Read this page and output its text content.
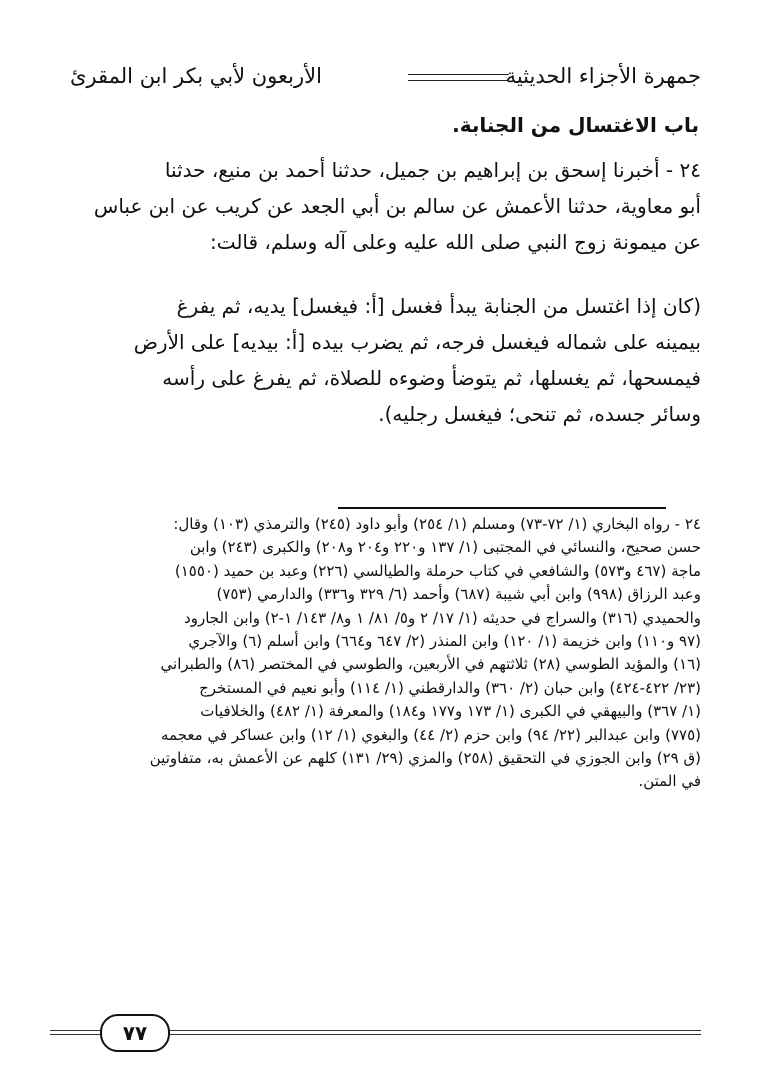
جمهرة الأجزاء الحديثية
الأربعون لأبي بكر ابن المقرئ
باب الاغتسال من الجنابة.
٢٤ - أخبرنا إسحق بن إبراهيم بن جميل، حدثنا أحمد بن منيع، حدثنا
أبو معاوية، حدثنا الأعمش عن سالم بن أبي الجعد عن كريب عن ابن عباس
عن ميمونة زوج النبي صلى الله عليه وعلى آله وسلم، قالت:
(كان إذا اغتسل من الجنابة يبدأ فغسل [أ: فيغسل] يديه، ثم يفرغ
بيمينه على شماله فيغسل فرجه، ثم يضرب بيده [أ: بيديه] على الأرض
فيمسحها، ثم يغسلها، ثم يتوضأ وضوءه للصلاة، ثم يفرغ على رأسه
وسائر جسده، ثم تنحى؛ فيغسل رجليه).
٢٤ - رواه البخاري (١/ ٧٢-٧٣) ومسلم (١/ ٢٥٤) وأبو داود (٢٤٥) والترمذي (١٠٣) وقال:
حسن صحيح، والنسائي في المجتبى (١/ ١٣٧ و٢٢٠ و٢٠٤ و٢٠٨) والكبرى (٢٤٣) وابن
ماجة (٤٦٧ و٥٧٣) والشافعي في كتاب حرملة والطيالسي (٢٢٦) وعبد بن حميد (١٥٥٠)
وعبد الرزاق (٩٩٨) وابن أبي شيبة (٦٨٧) وأحمد (٦/ ٣٢٩ و٣٣٦) والدارمي (٧٥٣)
والحميدي (٣١٦) والسراج في حديثه (١/ ١٧/ ٢ و٥/ ٨١/ ١ و٨/ ١٤٣/ ١-٢) وابن الجارود
(٩٧ و١١٠) وابن خزيمة (١/ ١٢٠) وابن المنذر (٢/ ٦٤٧ و٦٦٤) وابن أسلم (٦) والآجري
(١٦) والمؤيد الطوسي (٢٨) ثلاثتهم في الأربعين، والطوسي في المختصر (٨٦) والطبراني
(٢٣/ ٤٢٢-٤٢٤) وابن حبان (٢/ ٣٦٠) والدارقطني (١/ ١١٤) وأبو نعيم في المستخرج
(١/ ٣٦٧) والبيهقي في الكبرى (١/ ١٧٣ و١٧٧ و١٨٤) والمعرفة (١/ ٤٨٢) والخلافيات
(٧٧٥) وابن عبدالبر (٢٢/ ٩٤) وابن حزم (٢/ ٤٤) والبغوي (١/ ١٢) وابن عساكر في معجمه
(ق ٢٩) وابن الجوزي في التحقيق (٢٥٨) والمزي (٢٩/ ١٣١) كلهم عن الأعمش به، متفاوتين
في المتن.
٧٧
